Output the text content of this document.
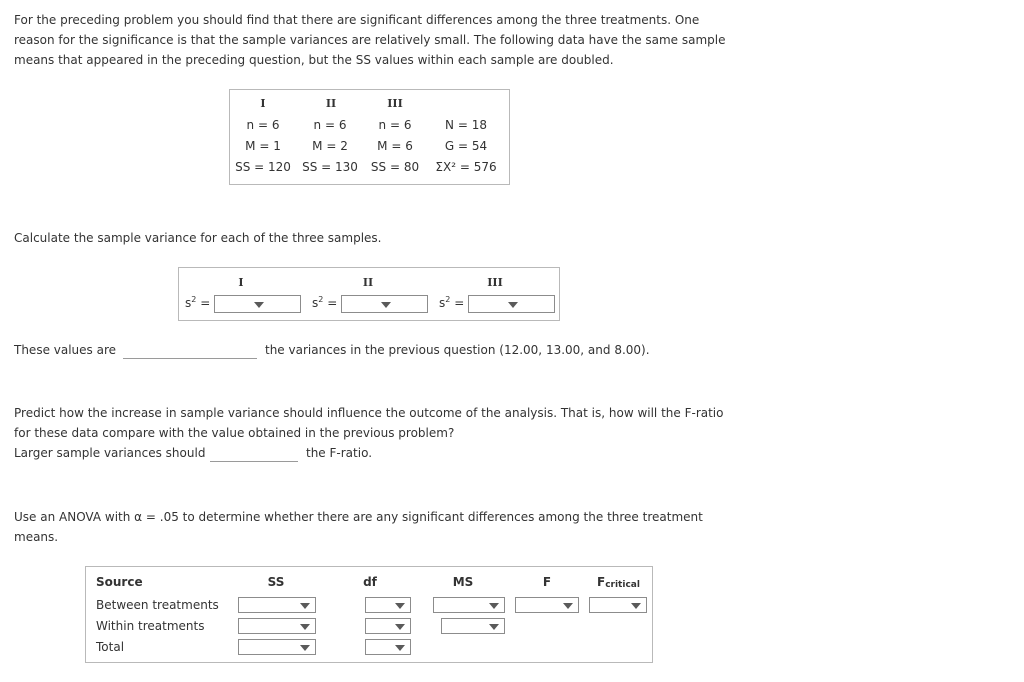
For the preceding problem you should find that there are significant differences among the three treatments. One
reason for the significance is that the sample variances are relatively small. The following data have the same sample
means that appeared in the preceding question, but the SS values within each sample are doubled.

I	II	III
n = 6	n = 6	n = 6	N = 18
M = 1	M = 2	M = 6	G = 54
SS = 120 SS = 130	SS = 80	ΣX² = 576

Calculate the sample variance for each of the three samples.

I	II	III
$s^2$ =	$s^2$ =	$s^2$ =
These values are	the variances in the previous question (12.00, 13.00, and 8.00).

Predict how the increase in sample variance should influence the outcome of the analysis. That is, how will the F-ratio
for these data compare with the value obtained in the previous problem?

Larger sample variances should	the F-ratio.

Use an ANOVA with α = .05 to determine whether there are any significant differences among the three treatment
means.

Source	SS	df	MS	F	Fcritical
Between treatments
Within treatments
Total
